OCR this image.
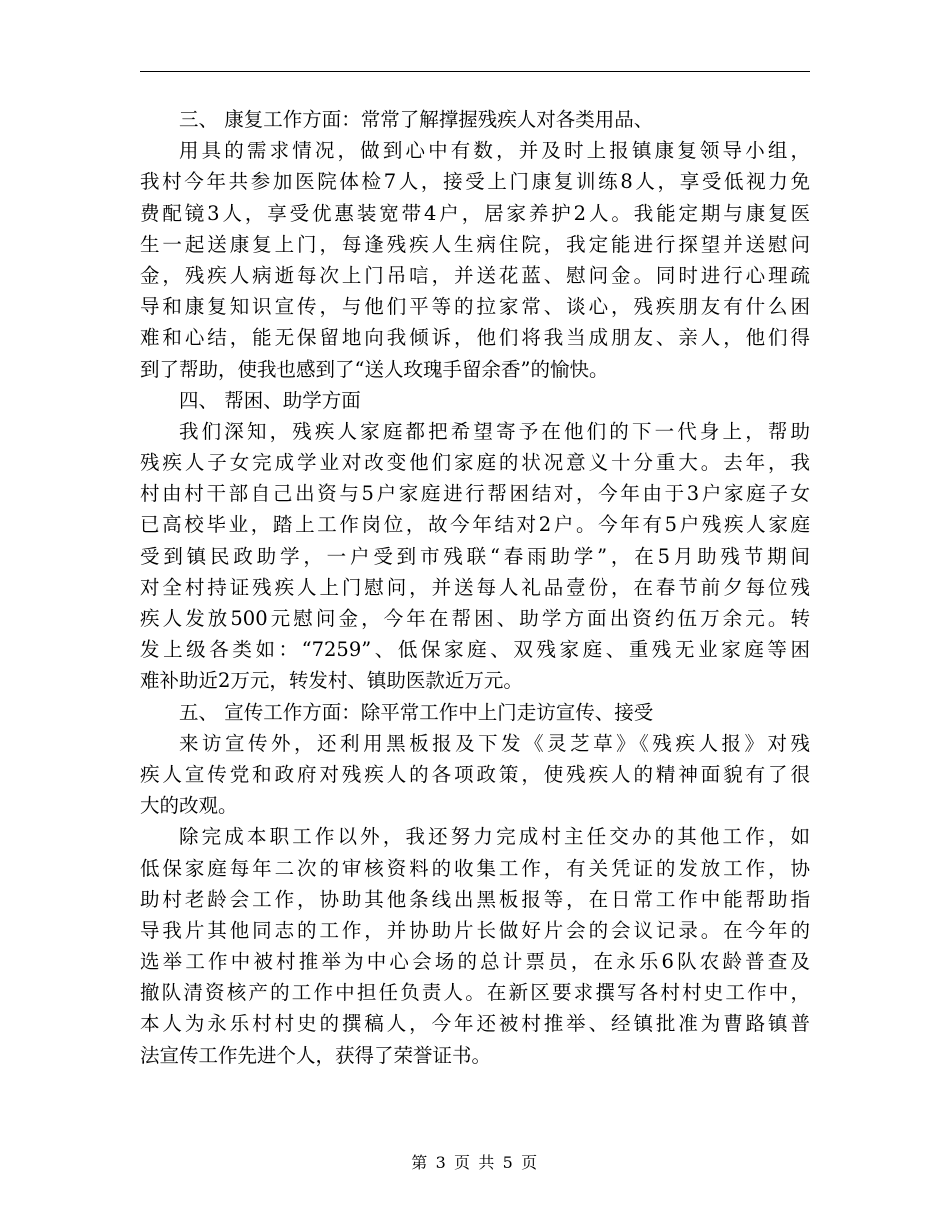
三、 康复工作方面：常常了解撑握残疾人对各类用品、
用具的需求情况，做到心中有数，并及时上报镇康复领导小组，
我村今年共参加医院体检7人，接受上门康复训练8人，享受低视力免
费配镜3人，享受优惠装宽带4户，居家养护2人。我能定期与康复医
生一起送康复上门，每逢残疾人生病住院，我定能进行探望并送慰问
金，残疾人病逝每次上门吊唁，并送花蓝、慰问金。同时进行心理疏
导和康复知识宣传，与他们平等的拉家常、谈心，残疾朋友有什么困
难和心结，能无保留地向我倾诉，他们将我当成朋友、亲人，他们得
到了帮助，使我也感到了“送人玫瑰手留余香”的愉快。
四、 帮困、助学方面
我们深知，残疾人家庭都把希望寄予在他们的下一代身上，帮助
残疾人子女完成学业对改变他们家庭的状况意义十分重大。去年，我
村由村干部自己出资与5户家庭进行帮困结对，今年由于3户家庭子女
已高校毕业，踏上工作岗位，故今年结对2户。今年有5户残疾人家庭
受到镇民政助学，一户受到市残联“春雨助学”，在5月助残节期间
对全村持证残疾人上门慰问，并送每人礼品壹份，在春节前夕每位残
疾人发放500元慰问金，今年在帮困、助学方面出资约伍万余元。转
发上级各类如：“7259”、低保家庭、双残家庭、重残无业家庭等困
难补助近2万元，转发村、镇助医款近万元。
五、 宣传工作方面：除平常工作中上门走访宣传、接受
来访宣传外，还利用黑板报及下发《灵芝草》《残疾人报》对残
疾人宣传党和政府对残疾人的各项政策，使残疾人的精神面貌有了很
大的改观。
除完成本职工作以外，我还努力完成村主任交办的其他工作，如
低保家庭每年二次的审核资料的收集工作，有关凭证的发放工作，协
助村老龄会工作，协助其他条线出黑板报等，在日常工作中能帮助指
导我片其他同志的工作，并协助片长做好片会的会议记录。在今年的
选举工作中被村推举为中心会场的总计票员，在永乐6队农龄普查及
撤队清资核产的工作中担任负责人。在新区要求撰写各村村史工作中，
本人为永乐村村史的撰稿人，今年还被村推举、经镇批准为曹路镇普
法宣传工作先进个人，获得了荣誉证书。
第 3 页 共 5 页
